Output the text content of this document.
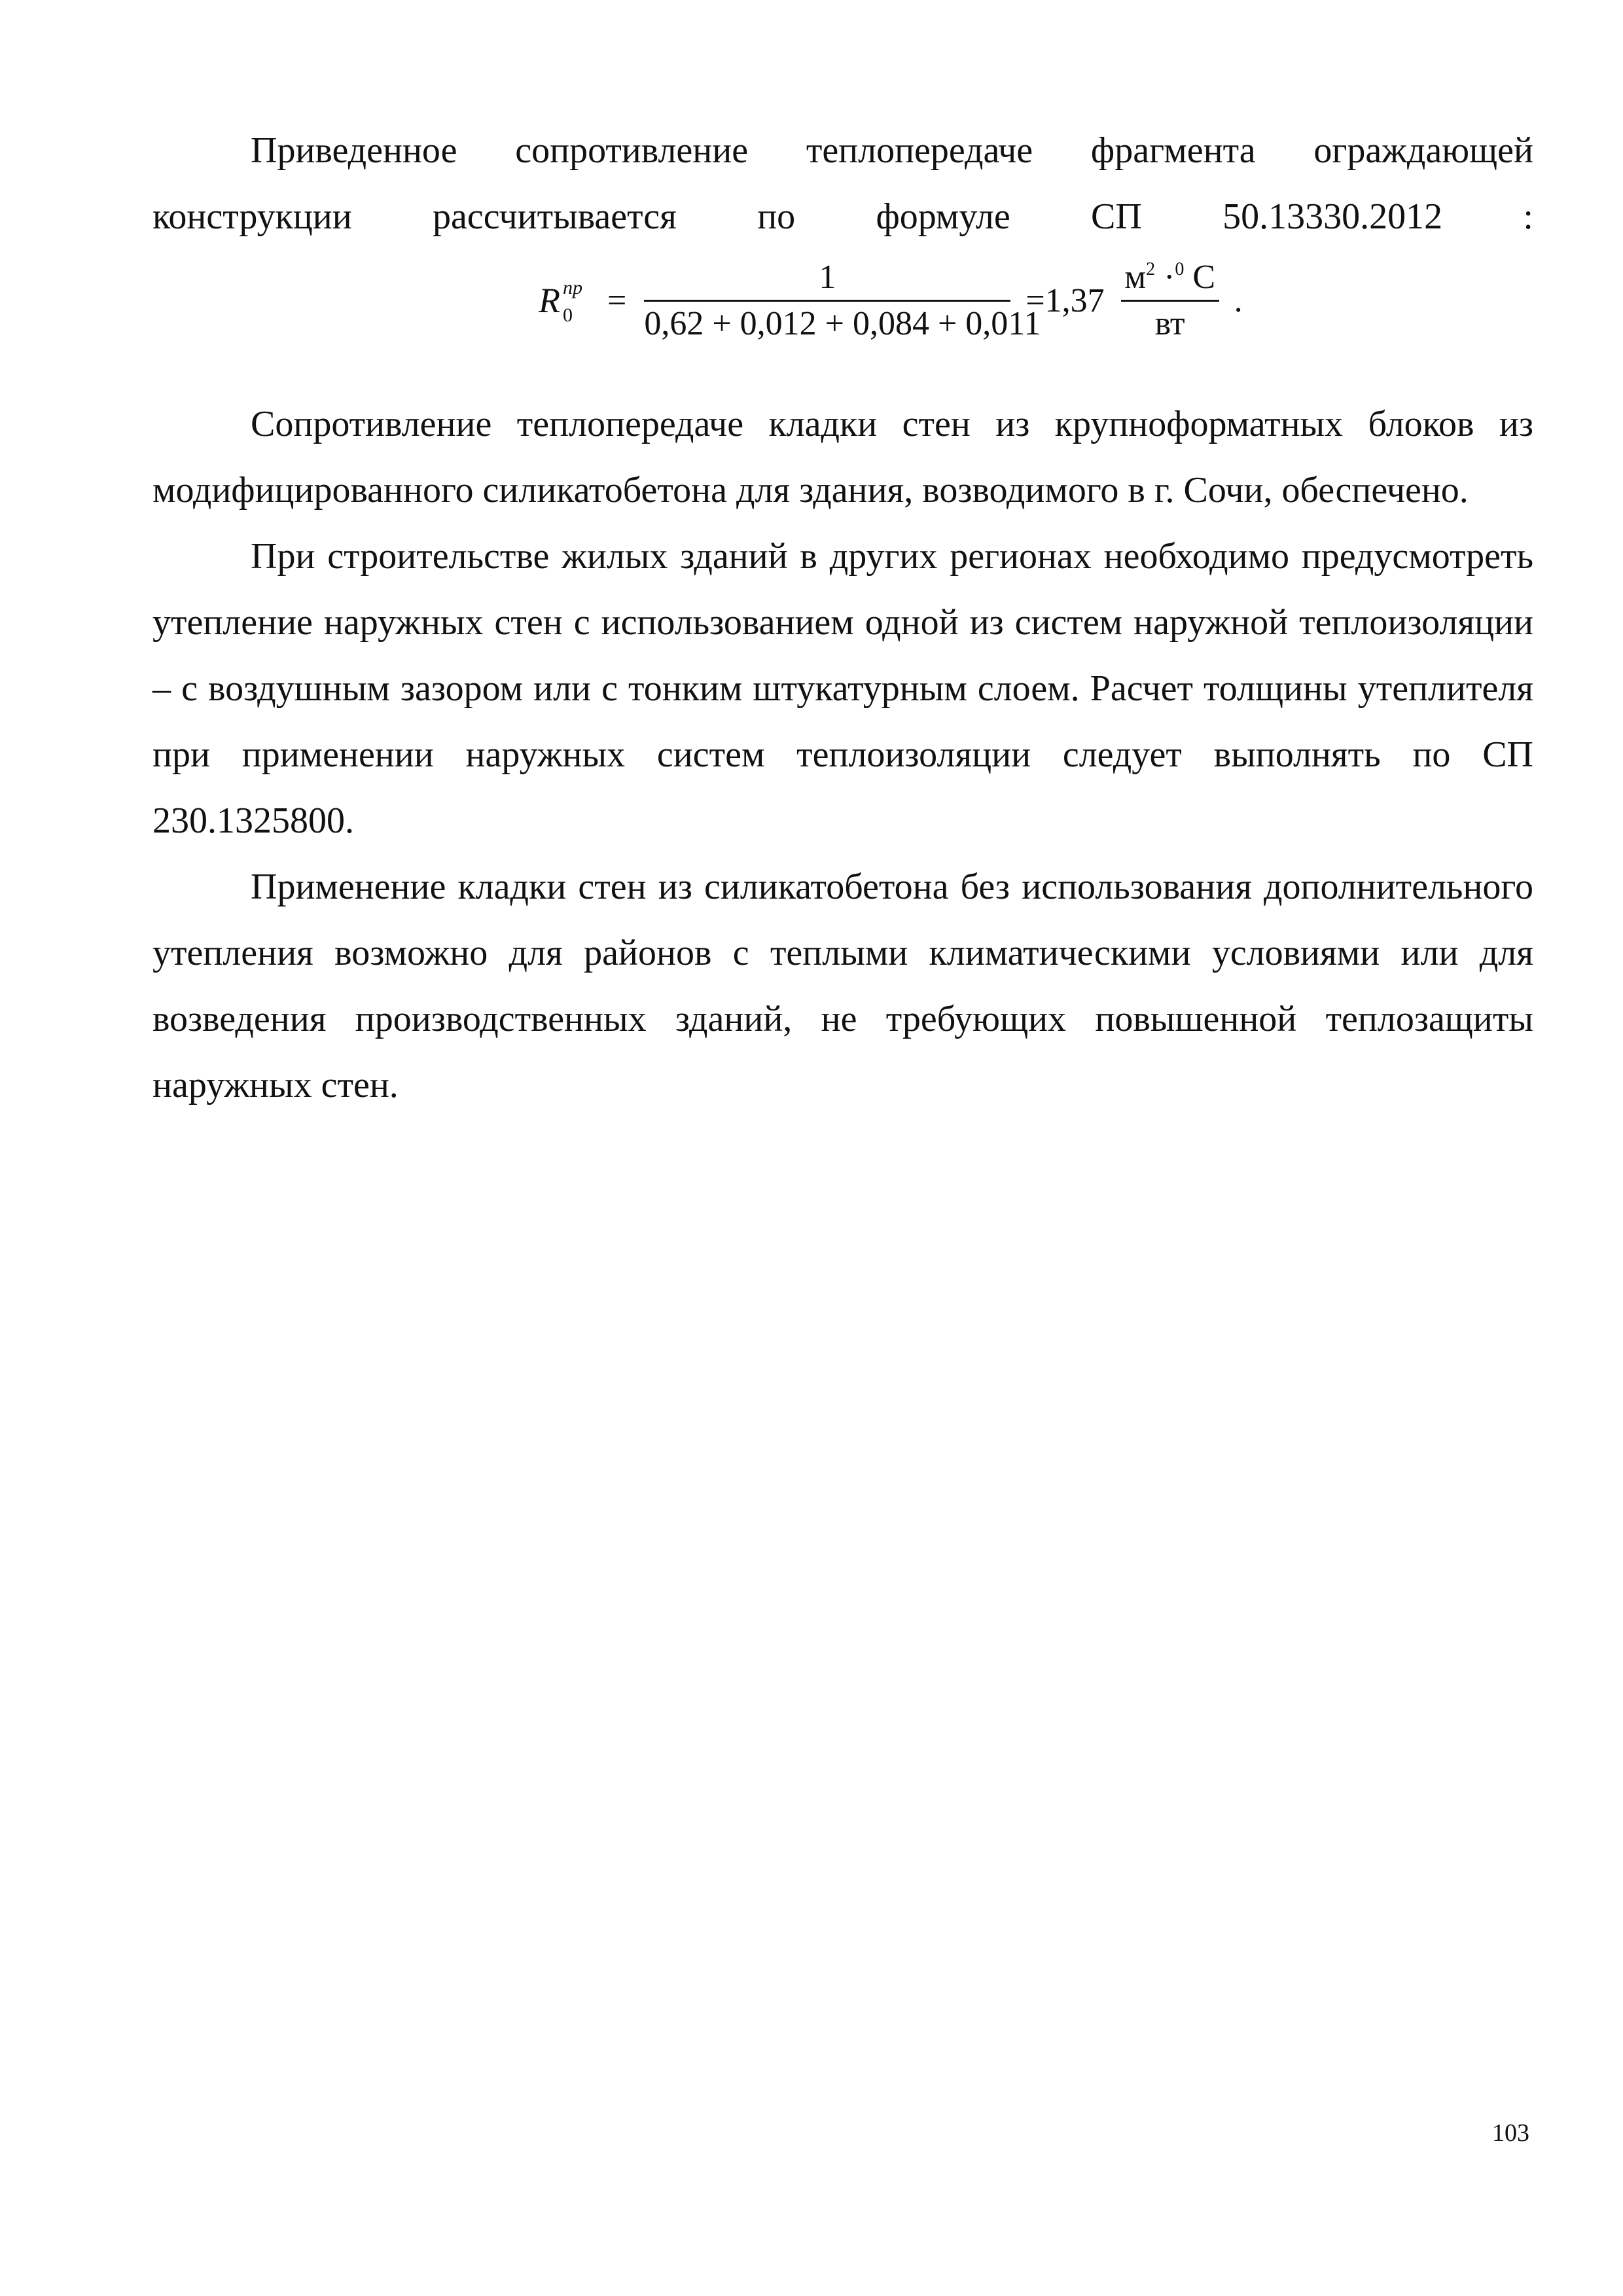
Приведенное сопротивление теплопередаче фрагмента ограждающей конструкции рассчитывается по формуле СП 50.13330.2012 :

R $^{пр}_0 = \frac{1}{0,62 + 0,012 + 0,084 + 0,011} =1,37 \frac{м^2 \cdot^0 С}{вт}$ .

Сопротивление теплопередаче кладки стен из крупноформатных блоков из модифицированного силикатобетона для здания, возводимого в г. Сочи, обеспечено.

При строительстве жилых зданий в других регионах необходимо предусмотреть утепление наружных стен с использованием одной из систем наружной теплоизоляции – с воздушным зазором или с тонким штукатурным слоем. Расчет толщины утеплителя при применении наружных систем теплоизоляции следует выполнять по СП 230.1325800.

Применение кладки стен из силикатобетона без использования дополнительного утепления возможно для районов с теплыми климатическими условиями или для возведения производственных зданий, не требующих повышенной теплозащиты наружных стен.

103
